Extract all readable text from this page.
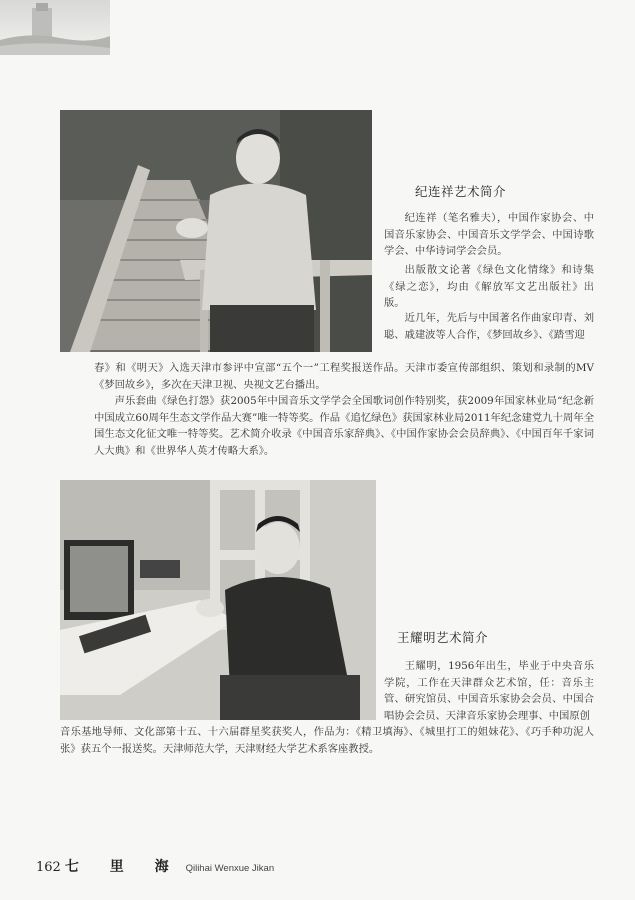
纪连祥艺术简介

纪连祥（笔名雅夫），中国作家协会、中国音乐家协会、中国音乐文学学会、中国诗歌学会、中华诗词学会会员。

出版散文论著《绿色文化情缘》和诗集《绿之恋》，均由《解放军文艺出版社》出版。

声乐套曲《绿色打怨》获2005年中国音乐文学学会全国歌词创作特别奖，获2009年国家林业局“纪念新中国成立60周年生态文学作品大赛”唯一特等奖。作品《追忆绿色》获国家林业局2011年纪念建党九十周年全国生态文化征文唯一特等奖。艺术简介收录《中国音乐家辞典》、《中国作家协会会员辞典》、《中国百年千家词人大典》和《世界华人英才传略大系》。

王耀明艺术简介

王耀明，1956年出生，毕业于中央音乐学院，工作在天津群众艺术馆，任：音乐主管、研究馆员、中国音乐家协会会员、中国合唱协会会员、天津音乐家协会理事、中国原创

音乐基地导师、文化部第十五、十六届群星奖获奖人，作品为：《精卫填海》、《城里打工的姐妹花》、《巧手种功泥人张》获五个一报送奖。天津师范大学，天津财经大学艺术系客座教授。

162 七 里 海 Qilihai Wenxue Jikan

近几年，先后与中国著名作曲家印青、刘聪、戚建波等人合作，《梦回故乡》、《踏雪迎

春》和《明天》入选天津市参评中宣部“五个一”工程奖报送作品。天津市委宣传部组织、策划和录制的MV《梦回故乡》，多次在天津卫视、央视文艺台播出。
